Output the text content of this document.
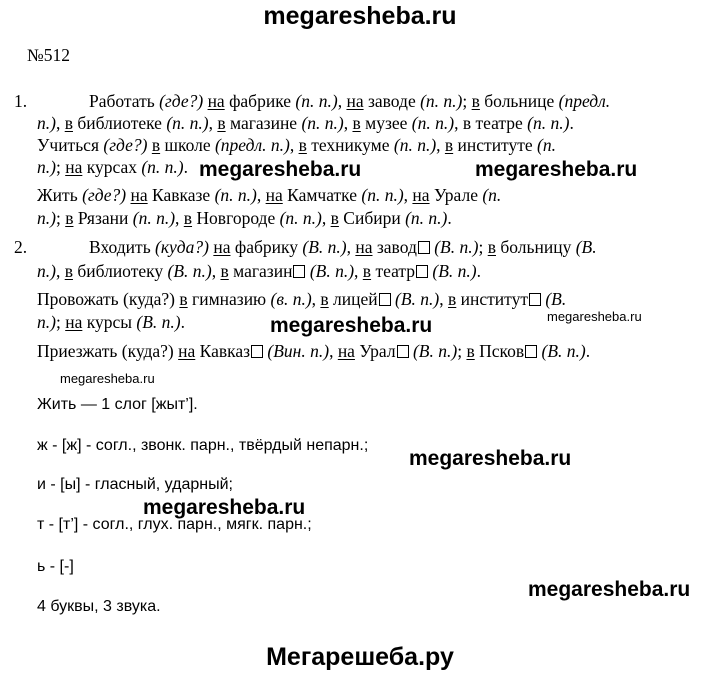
megaresheba.ru
№512
1.	Работать (где?) на фабрике (п. п.), на заводе (п. п.); в больнице (предл.
п.), в библиотеке (п. п.), в магазине (п. п.), в музее (п. п.), в театре (п. п.).
Учиться (где?) в школе (предл. п.), в техникуме (п. п.), в институте (п.
п.); на курсах (п. п.).
Жить (где?) на Кавказе (п. п.), на Камчатке (п. п.), на Урале (п.
п.); в Рязани (п. п.), в Новгороде (п. п.), в Сибири (п. п.).
2.	Входить (куда?) на фабрику (В. п.), на завод (В. п.); в больницу (В.
п.), в библиотеку (В. п.), в магазин (В. п.), в театр (В. п.).
Провожать (куда?) в гимназию (в. п.), в лицей (В. п.), в институт (В.
п.); на курсы (В. п.).
Приезжать (куда?) на Кавказ (Вин. п.), на Урал (В. п.); в Псков (В. п.).
Жить — 1 слог [жыт’].
ж - [ж] - согл., звонк. парн., твёрдый непарн.;
и - [ы] - гласный, ударный;
т - [т’] - согл., глух. парн., мягк. парн.;
ь - [-]
4 буквы, 3 звука.
megaresheba.ru	megaresheba.ru
megaresheba.ru	megaresheba.ru
megaresheba.ru
megaresheba.ru
megaresheba.ru
megaresheba.ru
Мегарешеба.ру
